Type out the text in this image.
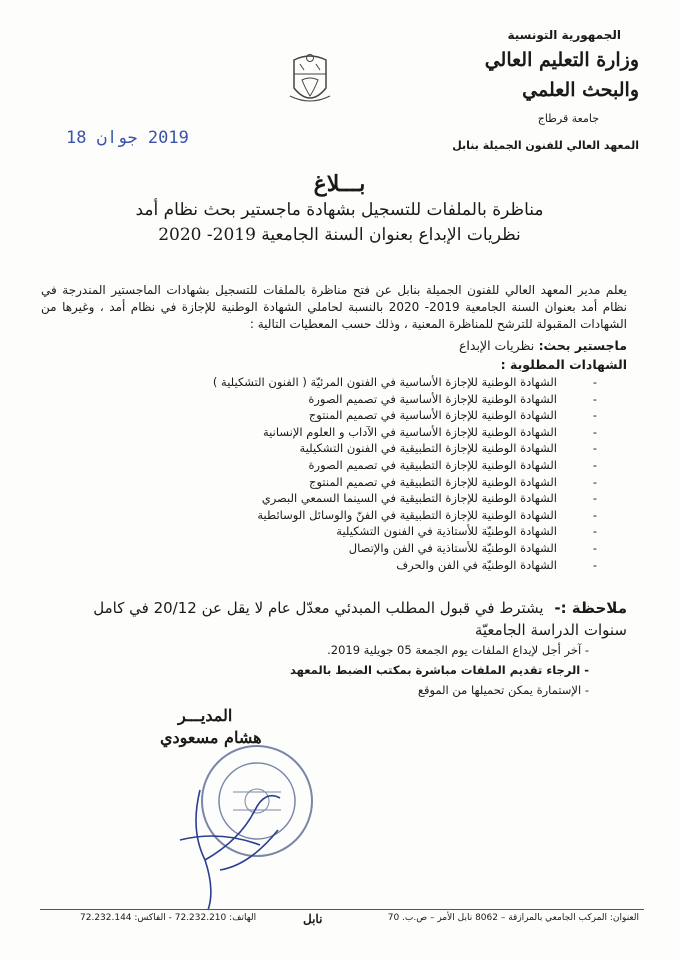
الجمهورية التونسية
وزارة التعليم العالي
والبحث العلمي
جامعة قرطاج
المعهد العالي للفنون الجميلة بنابل
2019 جوان 18
بـــلاغ
مناظرة بالملفات للتسجيل بشهادة ماجستير بحث نظام أمد
نظريات الإبداع بعنوان السنة الجامعية 2019- 2020
يعلم مدير المعهد العالي للفنون الجميلة بنابل عن فتح مناظرة بالملفات للتسجيل بشهادات الماجستير المندرجة في نظام أمد بعنوان السنة الجامعية 2019- 2020 بالنسبة لحاملي الشهادة الوطنية للإجازة في نظام أمد ، وغيرها من الشهادات المقبولة للترشح للمناظرة المعنية ، وذلك حسب المعطيات التالية :
ماجستير بحث: نظريات الإبداع
الشهادات المطلوبة :
- الشهادة الوطنية للإجازة الأساسية في الفنون المرئيّة ( الفنون التشكيلية )
- الشهادة الوطنية للإجازة الأساسية في تصميم الصورة
- الشهادة الوطنية للإجازة الأساسية في تصميم المنتوج
- الشهادة الوطنية للإجازة الأساسية في الآداب و العلوم الإنسانية
- الشهادة الوطنية للإجازة التطبيقية في الفنون التشكيلية
- الشهادة الوطنية للإجازة التطبيقية في تصميم الصورة
- الشهادة الوطنية للإجازة التطبيقية في تصميم المنتوج
- الشهادة الوطنية للإجازة التطبيقية في السينما السمعي البصري
- الشهادة الوطنية للإجازة التطبيقية في الفنّ والوسائل الوسائطية
- الشهادة الوطنيّة للأستاذية في الفنون التشكيلية
- الشهادة الوطنيّة للأستاذية في الفن والإتصال
- الشهادة الوطنيّة في الفن والحرف
ملاحظة :- يشترط في قبول المطلب المبدئي معدّل عام لا يقل عن 20/12 في كامل سنوات الدراسة الجامعيّة
- آخر أجل لإيداع الملفات يوم الجمعة 05 جويلية 2019.
- الرجاء تقديم الملفات مباشرة بمكتب الضبط بالمعهد
- الإستمارة يمكن تحميلها من الموقع
المديـــر
هشام مسعودي
العنوان: المركب الجامعي بالمرازقة – 8062 نابل الأمر – ص.ب. 70
نابل
الهاتف: 72.232.210 - الفاكس: 72.232.144
